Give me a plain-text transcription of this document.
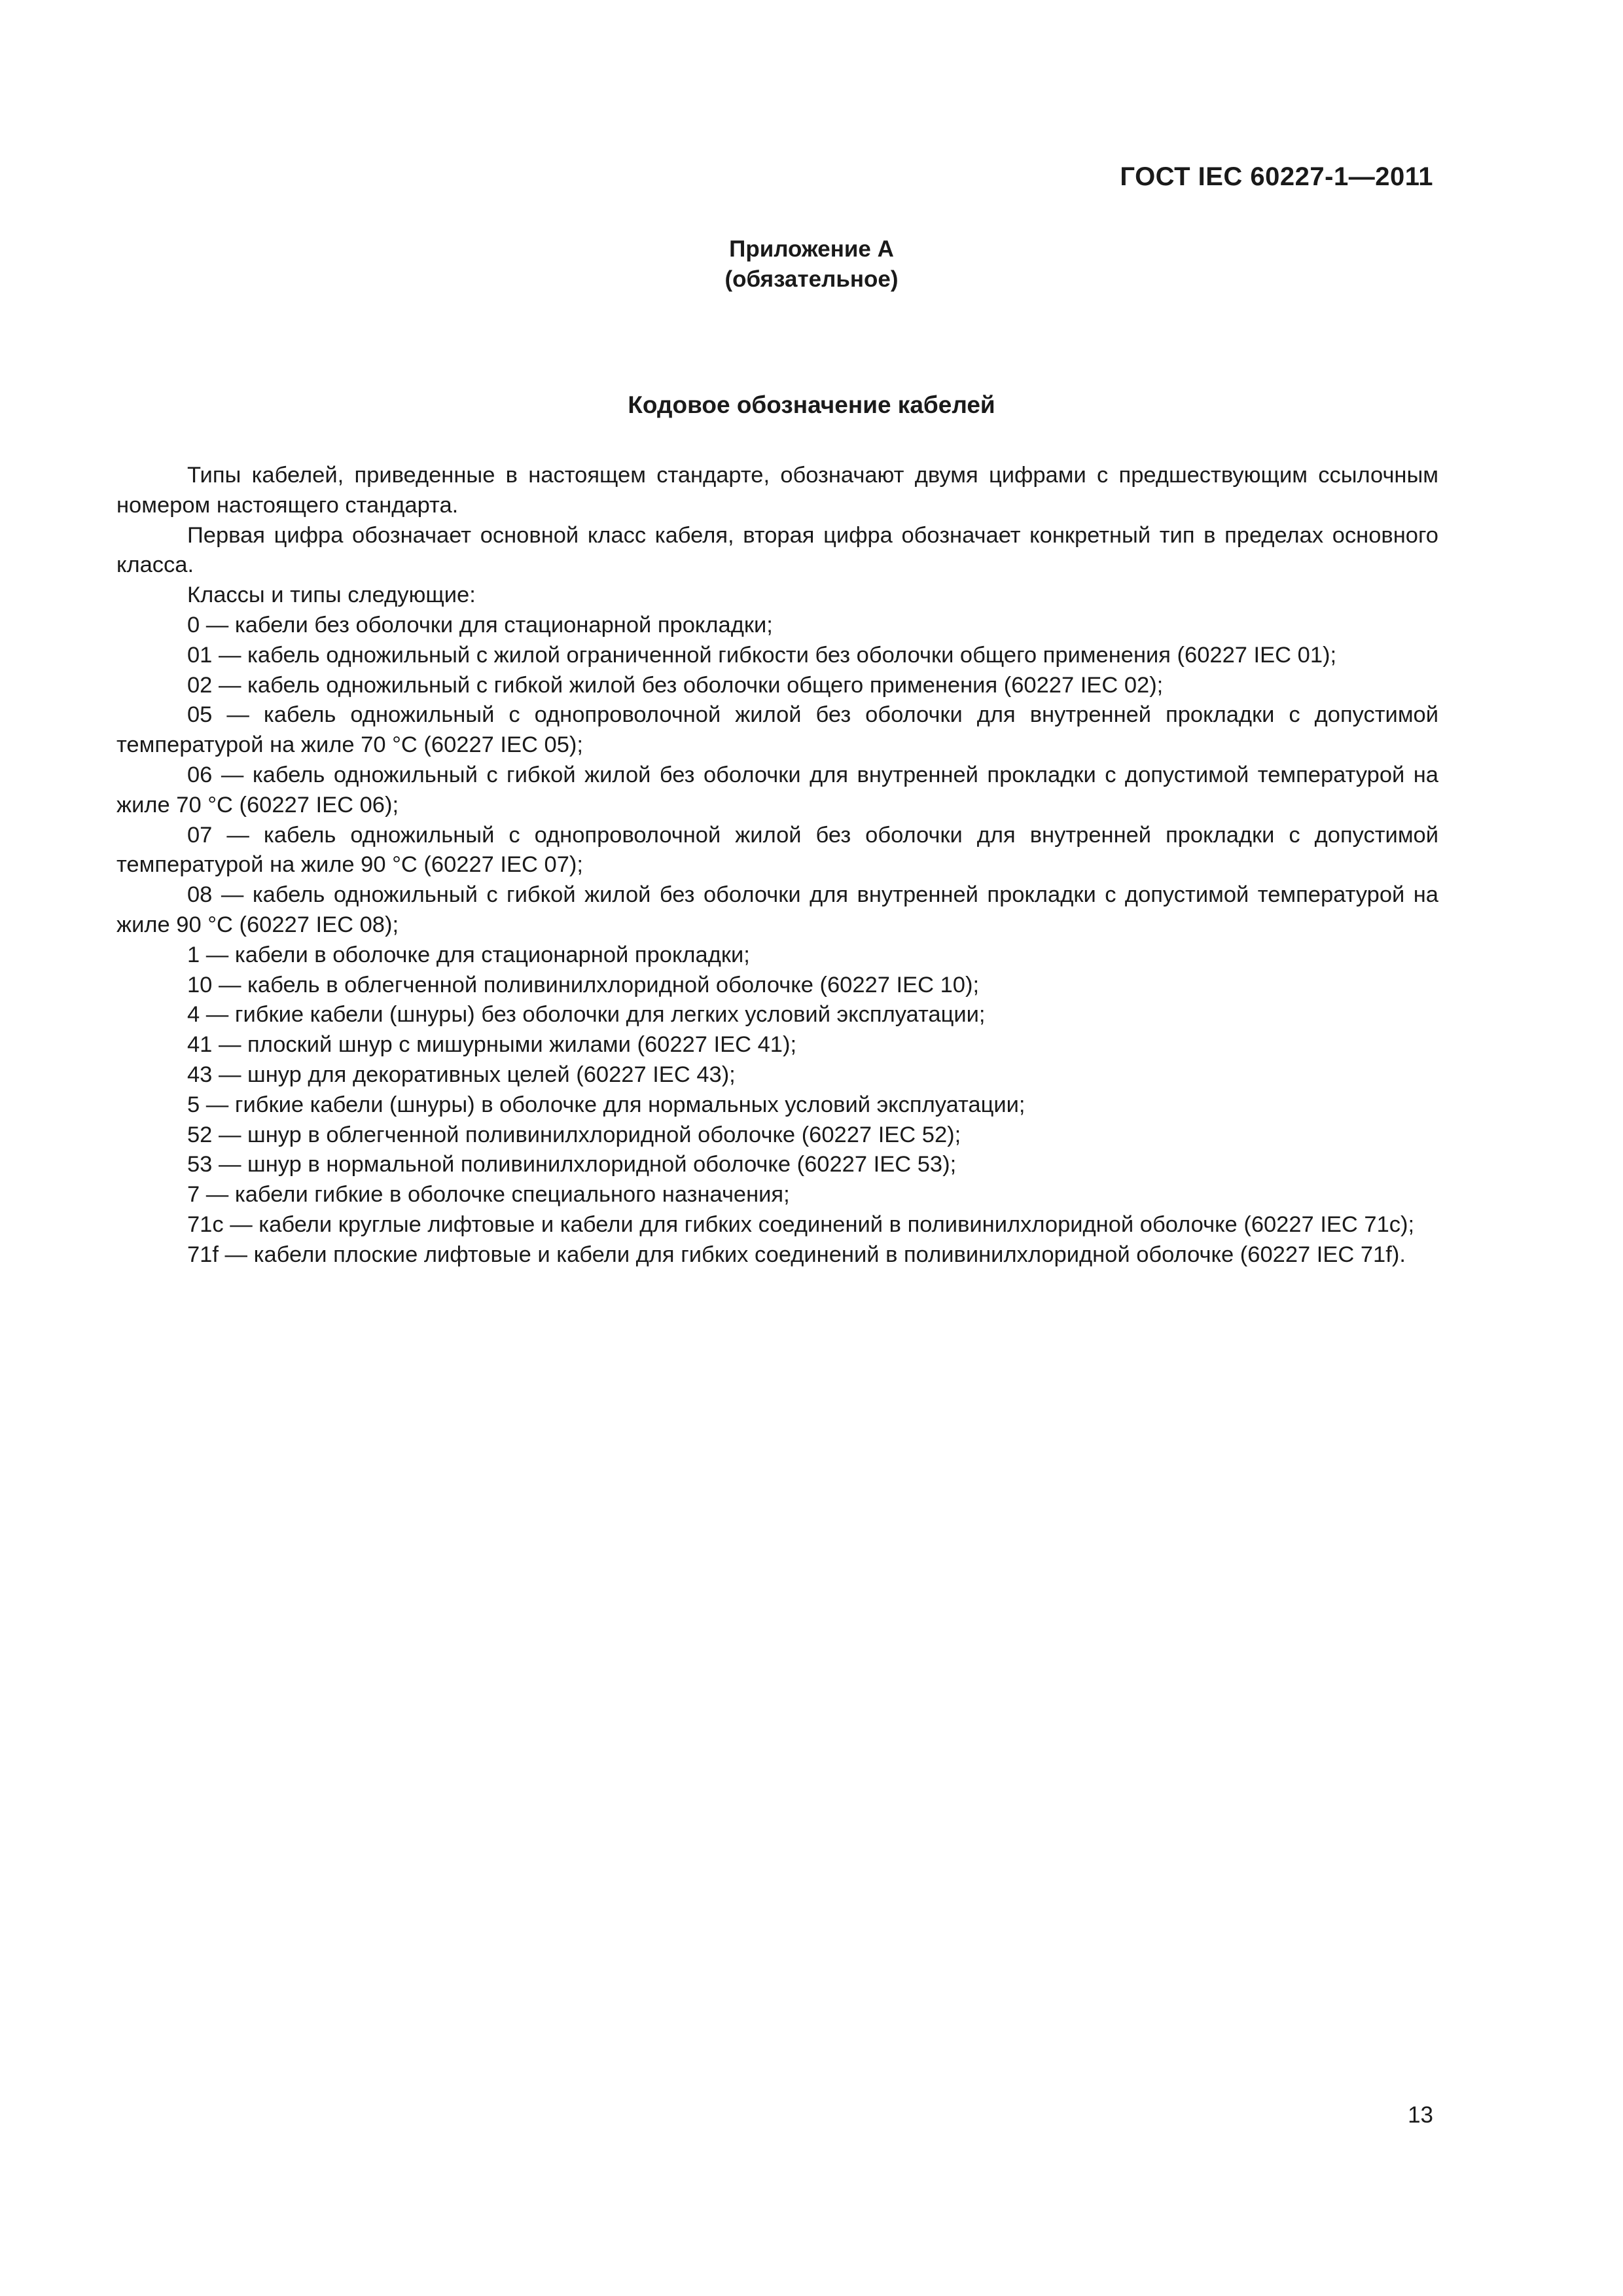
ГОСТ IEC 60227-1—2011
Приложение А
(обязательное)
Кодовое обозначение кабелей

Типы кабелей, приведенные в настоящем стандарте, обозначают двумя цифрами с предшествующим ссылочным номером настоящего стандарта.

Первая цифра обозначает основной класс кабеля, вторая цифра обозначает конкретный тип в пределах основного класса.

Классы и типы следующие:

0 — кабели без оболочки для стационарной прокладки;

01 — кабель одножильный с жилой ограниченной гибкости без оболочки общего применения (60227 IEC 01);

02 — кабель одножильный с гибкой жилой без оболочки общего применения (60227 IEC 02);

05 — кабель одножильный с однопроволочной жилой без оболочки для внутренней прокладки с допустимой температурой на жиле 70 °С (60227 IEC 05);

06 — кабель одножильный с гибкой жилой без оболочки для внутренней прокладки с допустимой температурой на жиле 70 °С (60227 IEC 06);

07 — кабель одножильный с однопроволочной жилой без оболочки для внутренней прокладки с допустимой температурой на жиле 90 °С (60227 IEC 07);

08 — кабель одножильный с гибкой жилой без оболочки для внутренней прокладки с допустимой температурой на жиле 90 °С (60227 IEC 08);

1 — кабели в оболочке для стационарной прокладки;

10 — кабель в облегченной поливинилхлоридной оболочке (60227 IEC 10);

4 — гибкие кабели (шнуры) без оболочки для легких условий эксплуатации;

41 — плоский шнур с мишурными жилами (60227 IEC 41);

43 — шнур для декоративных целей (60227 IEC 43);

5 — гибкие кабели (шнуры) в оболочке для нормальных условий эксплуатации;

52 — шнур в облегченной поливинилхлоридной оболочке (60227 IEC 52);

53 — шнур в нормальной поливинилхлоридной оболочке (60227 IEC 53);

7 — кабели гибкие в оболочке специального назначения;

71c — кабели круглые лифтовые и кабели для гибких соединений в поливинилхлоридной оболочке (60227 IEC 71c);

71f — кабели плоские лифтовые и кабели для гибких соединений в поливинилхлоридной оболочке (60227 IEC 71f).

13
